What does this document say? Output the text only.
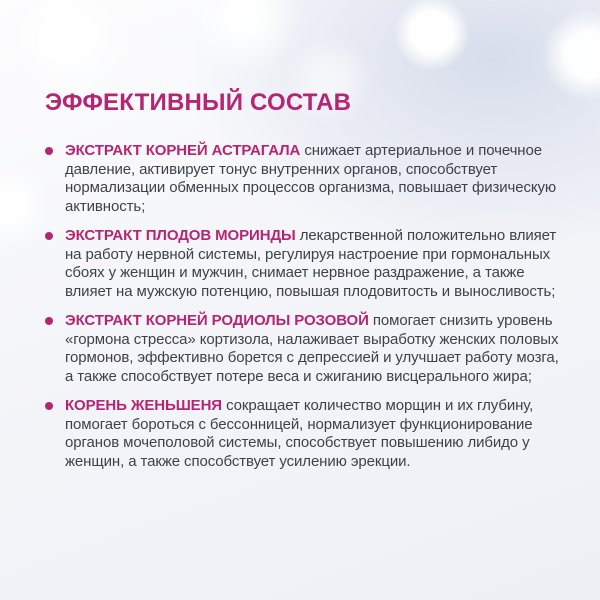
ЭФФЕКТИВНЫЙ СОСТАВ
ЭКСТРАКТ КОРНЕЙ АСТРАГАЛА снижает артериальное и почечное давление, активирует тонус внутренних органов, способствует нормализации обменных процессов организма, повышает физическую активность;
ЭКСТРАКТ ПЛОДОВ МОРИНДЫ лекарственной положительно влияет на работу нервной системы, регулируя настроение при гормональных сбоях у женщин и мужчин, снимает нервное раздражение, а также влияет на мужскую потенцию, повышая плодовитость и выносливость;
ЭКСТРАКТ КОРНЕЙ РОДИОЛЫ РОЗОВОЙ помогает снизить уровень «гормона стресса» кортизола, налаживает выработку женских половых гормонов, эффективно борется с депрессией и улучшает работу мозга, а также способствует потере веса и сжиганию висцерального жира;
КОРЕНЬ ЖЕНЬШЕНЯ сокращает количество морщин и их глубину, помогает бороться с бессонницей, нормализует функционирование органов мочеполовой системы, способствует повышению либидо у женщин, а также способствует усилению эрекции.
